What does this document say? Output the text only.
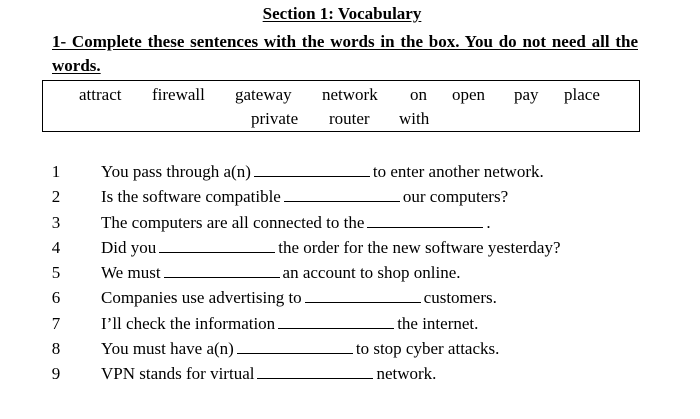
Section 1: Vocabulary
1- Complete these sentences with the words in the box. You do not need all the words.
attract firewall gateway network on open pay place
private router with
1 You pass through a(n)	to enter another network.
2 Is the software compatible	our computers?
3 The computers are all connected to the	.
4 Did you	the order for the new software yesterday?
5 We must	an account to shop online.
6 Companies use advertising to	customers.
7 I’ll check the information	the internet.
8 You must have a(n)	to stop cyber attacks.
9 VPN stands for virtual	network.
